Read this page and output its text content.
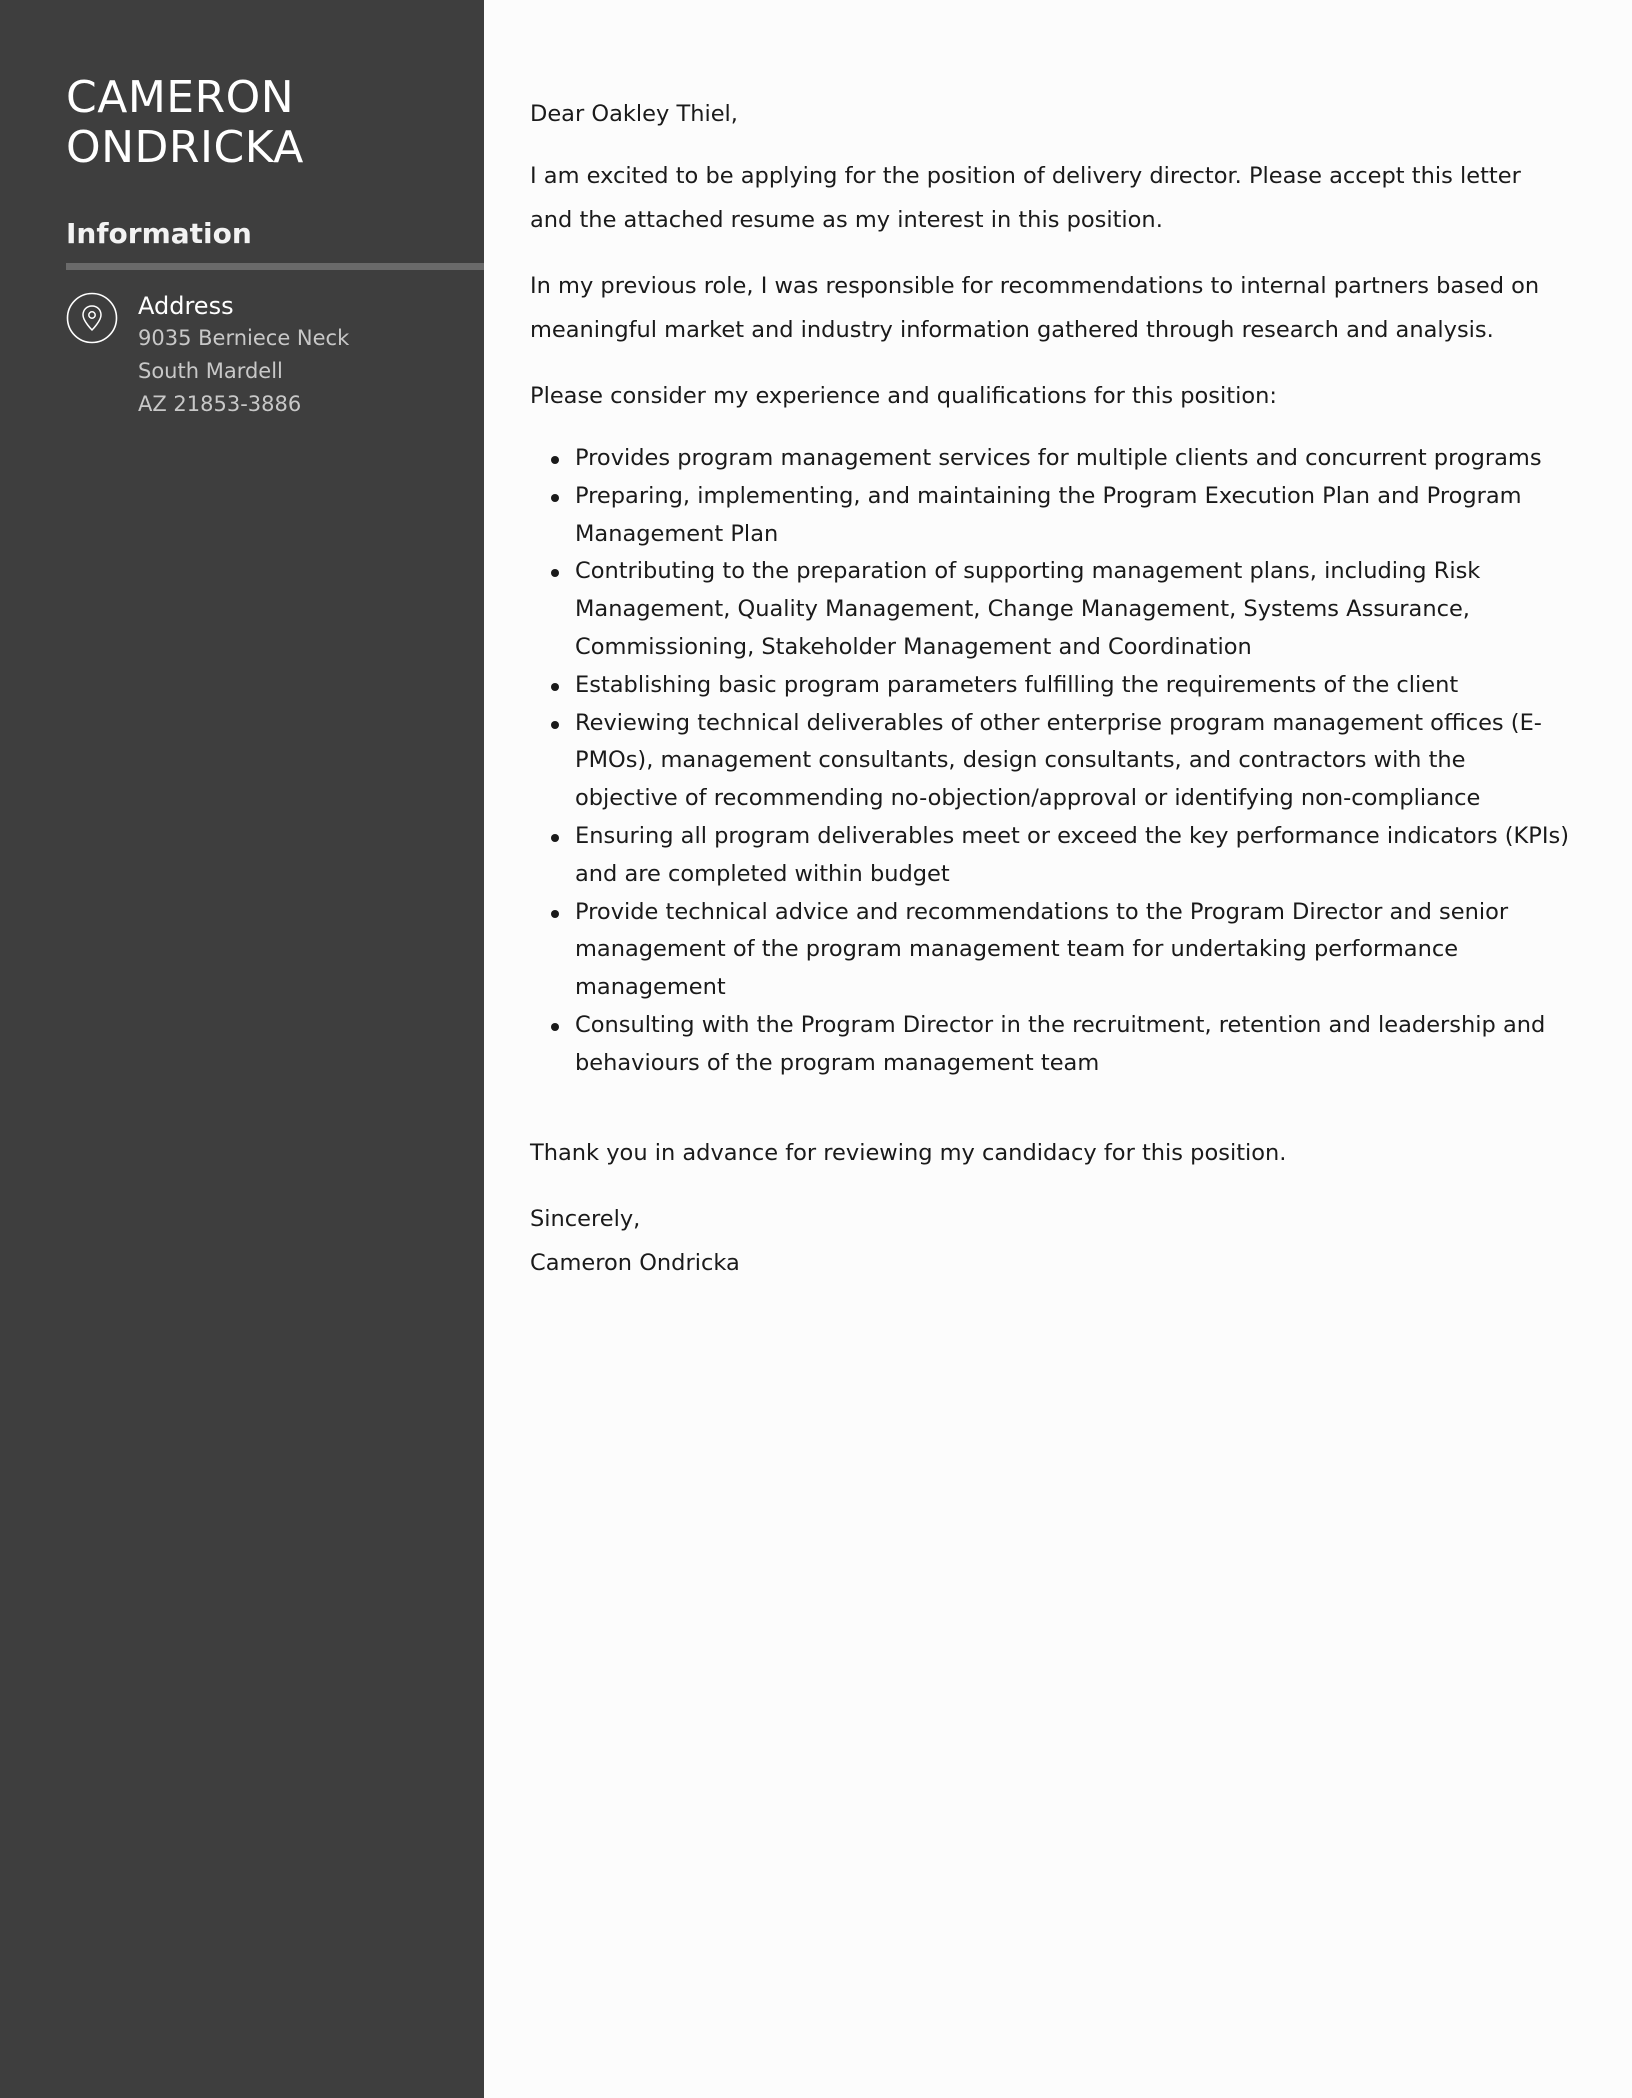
CAMERON
ONDRICKA
Information
Address
9035 Berniece Neck
South Mardell
AZ 21853-3886

Dear Oakley Thiel,

I am excited to be applying for the position of delivery director. Please accept this letter and the attached resume as my interest in this position.

In my previous role, I was responsible for recommendations to internal partners based on meaningful market and industry information gathered through research and analysis.

Please consider my experience and qualifications for this position:

Provides program management services for multiple clients and concurrent programs
Preparing, implementing, and maintaining the Program Execution Plan and Program Management Plan
Contributing to the preparation of supporting management plans, including Risk Management, Quality Management, Change Management, Systems Assurance, Commissioning, Stakeholder Management and Coordination
Establishing basic program parameters fulfilling the requirements of the client
Reviewing technical deliverables of other enterprise program management offices (E-PMOs), management consultants, design consultants, and contractors with the objective of recommending no-objection/approval or identifying non-compliance
Ensuring all program deliverables meet or exceed the key performance indicators (KPIs) and are completed within budget
Provide technical advice and recommendations to the Program Director and senior management of the program management team for undertaking performance management
Consulting with the Program Director in the recruitment, retention and leadership and behaviours of the program management team

Thank you in advance for reviewing my candidacy for this position.

Sincerely,

Cameron Ondricka
